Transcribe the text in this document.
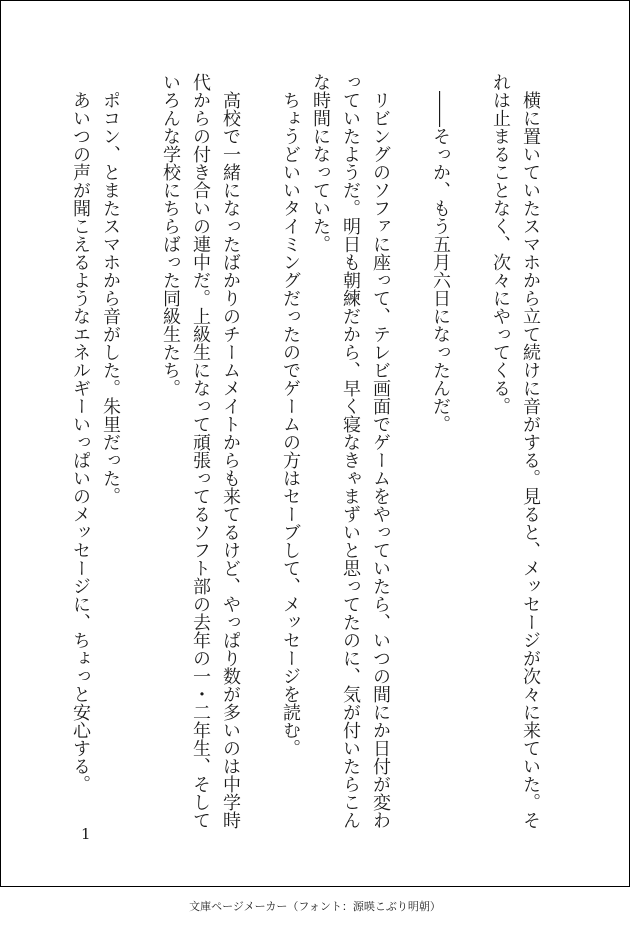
横に置いていたスマホから立て続けに音がする。見ると、メッセージが次々に来ていた。それは止まることなく、次々にやってくる。

――そっか、もう五月六日になったんだ。

リビングのソファに座って、テレビ画面でゲームをやっていたら、いつの間にか日付が変わっていたようだ。明日も朝練だから、早く寝なきゃまずいと思ってたのに、気が付いたらこんな時間になっていた。

ちょうどいいタイミングだったのでゲームの方はセーブして、メッセージを読む。

高校で一緒になったばかりのチームメイトからも来てるけど、やっぱり数が多いのは中学時代からの付き合いの連中だ。上級生になって頑張ってるソフト部の去年の一・二年生、そしていろんな学校にちらばった同級生たち。

ポコン、とまたスマホから音がした。朱里だった。

あいつの声が聞こえるようなエネルギーいっぱいのメッセージに、ちょっと安心する。

1
文庫ページメーカー（フォント：源暎こぶり明朝）
